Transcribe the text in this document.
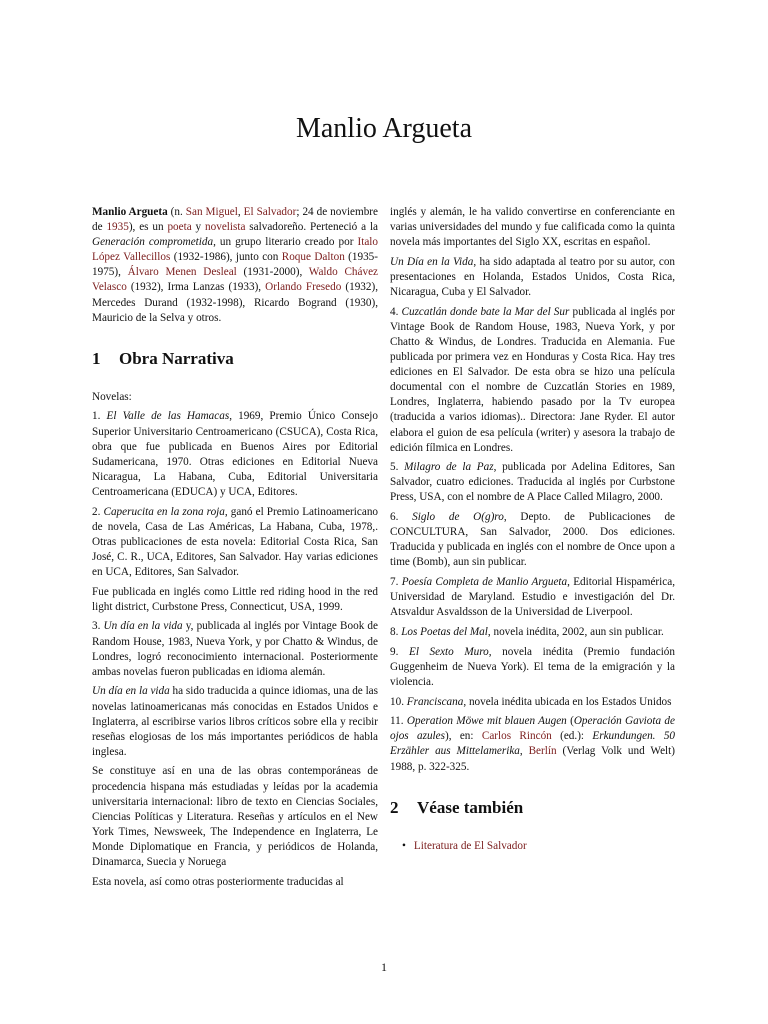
Manlio Argueta

Manlio Argueta (n. San Miguel, El Salvador; 24 de noviembre de 1935), es un poeta y novelista salvadoreño. Perteneció a la Generación comprometida, un grupo literario creado por Italo López Vallecillos (1932-1986), junto con Roque Dalton (1935-1975), Álvaro Menen Desleal (1931-2000), Waldo Chávez Velasco (1932), Irma Lanzas (1933), Orlando Fresedo (1932), Mercedes Durand (1932-1998), Ricardo Bogrand (1930), Mauricio de la Selva y otros.

1 Obra Narrativa

Novelas:

1. El Valle de las Hamacas, 1969, Premio Único Consejo Superior Universitario Centroamericano (CSUCA), Costa Rica, obra que fue publicada en Buenos Aires por Editorial Sudamericana, 1970. Otras ediciones en Editorial Nueva Nicaragua, La Habana, Cuba, Editorial Universitaria Centroamericana (EDUCA) y UCA, Editores.

2. Caperucita en la zona roja, ganó el Premio Latinoamericano de novela, Casa de Las Américas, La Habana, Cuba, 1978,. Otras publicaciones de esta novela: Editorial Costa Rica, San José, C. R., UCA, Editores, San Salvador. Hay varias ediciones en UCA, Editores, San Salvador.

Fue publicada en inglés como Little red riding hood in the red light district, Curbstone Press, Connecticut, USA, 1999.

3. Un día en la vida y, publicada al inglés por Vintage Book de Random House, 1983, Nueva York, y por Chatto & Windus, de Londres, logró reconocimiento internacional. Posteriormente ambas novelas fueron publicadas en idioma alemán.

Un día en la vida ha sido traducida a quince idiomas, una de las novelas latinoamericanas más conocidas en Estados Unidos e Inglaterra, al escribirse varios libros críticos sobre ella y recibir reseñas elogiosas de los más importantes periódicos de habla inglesa.

Se constituye así en una de las obras contemporáneas de procedencia hispana más estudiadas y leídas por la academia universitaria internacional: libro de texto en Ciencias Sociales, Ciencias Políticas y Literatura. Reseñas y artículos en el New York Times, Newsweek, The Independence en Inglaterra, Le Monde Diplomatique en Francia, y periódicos de Holanda, Dinamarca, Suecia y Noruega

Esta novela, así como otras posteriormente traducidas al

inglés y alemán, le ha valido convertirse en conferenciante en varias universidades del mundo y fue calificada como la quinta novela más importantes del Siglo XX, escritas en español.

Un Día en la Vida, ha sido adaptada al teatro por su autor, con presentaciones en Holanda, Estados Unidos, Costa Rica, Nicaragua, Cuba y El Salvador.

4. Cuzcatlán donde bate la Mar del Sur publicada al inglés por Vintage Book de Random House, 1983, Nueva York, y por Chatto & Windus, de Londres. Traducida en Alemania. Fue publicada por primera vez en Honduras y Costa Rica. Hay tres ediciones en El Salvador. De esta obra se hizo una película documental con el nombre de Cuzcatlán Stories en 1989, Londres, Inglaterra, habiendo pasado por la Tv europea (traducida a varios idiomas).. Directora: Jane Ryder. El autor elabora el guion de esa película (writer) y asesora la trabajo de edición fílmica en Londres.

5. Milagro de la Paz, publicada por Adelina Editores, San Salvador, cuatro ediciones. Traducida al inglés por Curbstone Press, USA, con el nombre de A Place Called Milagro, 2000.

6. Siglo de O(g)ro, Depto. de Publicaciones de CONCULTURA, San Salvador, 2000. Dos ediciones. Traducida y publicada en inglés con el nombre de Once upon a time (Bomb), aun sin publicar.

7. Poesía Completa de Manlio Argueta, Editorial Hispaméricа, Universidad de Maryland. Estudio e investigación del Dr. Atsvaldur Asvaldsson de la Universidad de Liverpool.

8. Los Poetas del Mal, novela inédita, 2002, aun sin publicar.

9. El Sexto Muro, novela inédita (Premio fundación Guggenheim de Nueva York). El tema de la emigración y la violencia.

10. Franciscana, novela inédita ubicada en los Estados Unidos

11. Operation Möwe mit blauen Augen (Operación Gaviota de ojos azules), en: Carlos Rincón (ed.): Erkundungen. 50 Erzähler aus Mittelamerika, Berlín (Verlag Volk und Welt) 1988, p. 322-325.

2 Véase también
• Literatura de El Salvador
1
